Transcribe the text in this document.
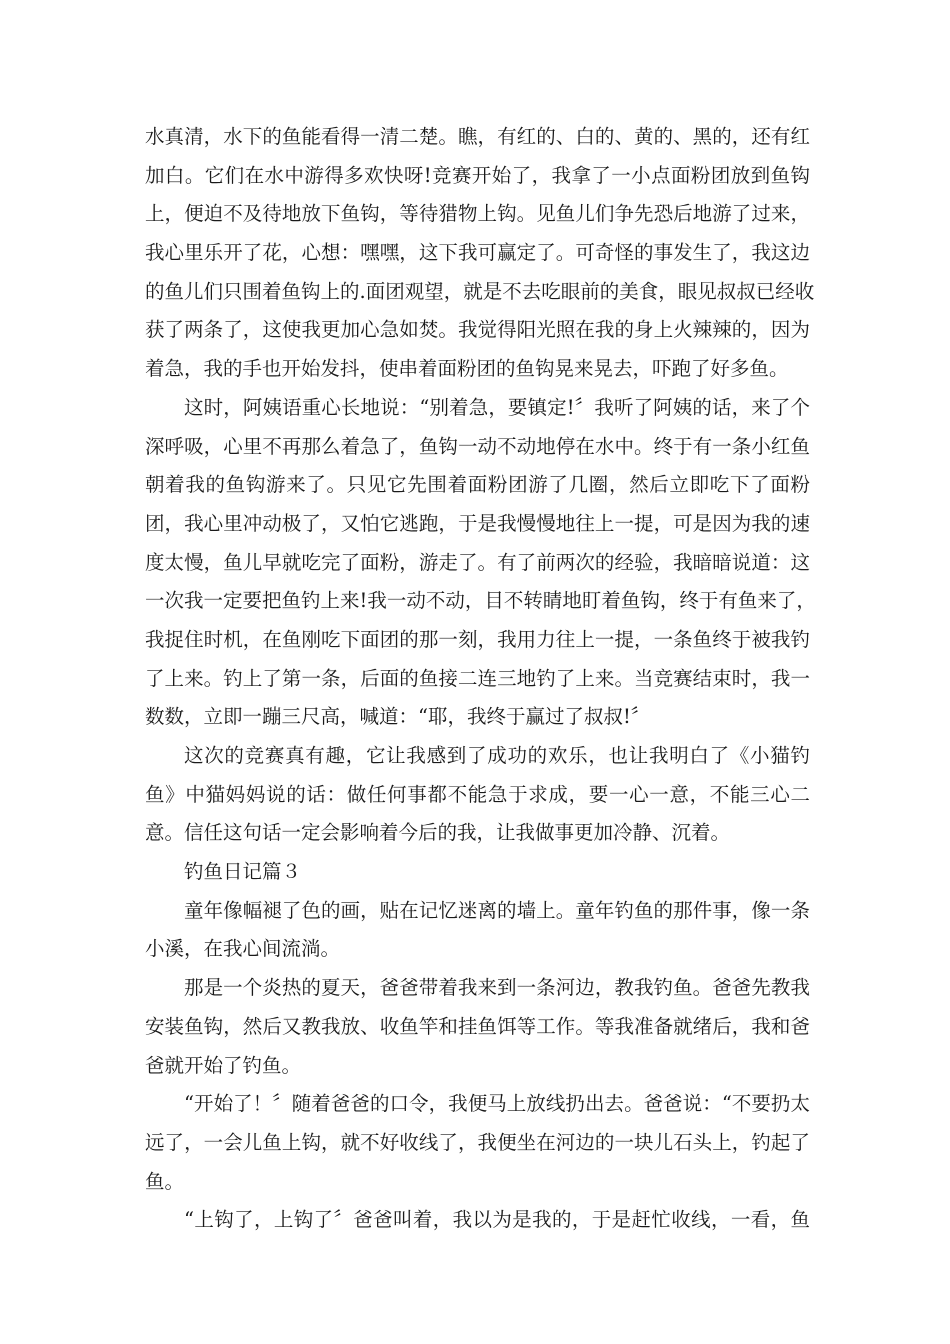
水真清，水下的鱼能看得一清二楚。瞧，有红的、白的、黄的、黑的，还有红
加白。它们在水中游得多欢快呀!竞赛开始了，我拿了一小点面粉团放到鱼钩
上，便迫不及待地放下鱼钩，等待猎物上钩。见鱼儿们争先恐后地游了过来，
我心里乐开了花，心想：嘿嘿，这下我可赢定了。可奇怪的事发生了，我这边
的鱼儿们只围着鱼钩上的.面团观望，就是不去吃眼前的美食，眼见叔叔已经收
获了两条了，这使我更加心急如焚。我觉得阳光照在我的身上火辣辣的，因为
着急，我的手也开始发抖，使串着面粉团的鱼钩晃来晃去，吓跑了好多鱼。
这时，阿姨语重心长地说：“别着急，要镇定!〞我听了阿姨的话，来了个
深呼吸，心里不再那么着急了，鱼钩一动不动地停在水中。终于有一条小红鱼
朝着我的鱼钩游来了。只见它先围着面粉团游了几圈，然后立即吃下了面粉
团，我心里冲动极了，又怕它逃跑，于是我慢慢地往上一提，可是因为我的速
度太慢，鱼儿早就吃完了面粉，游走了。有了前两次的经验，我暗暗说道：这
一次我一定要把鱼钓上来!我一动不动，目不转睛地盯着鱼钩，终于有鱼来了，
我捉住时机，在鱼刚吃下面团的那一刻，我用力往上一提，一条鱼终于被我钓
了上来。钓上了第一条，后面的鱼接二连三地钓了上来。当竞赛结束时，我一
数数，立即一蹦三尺高，喊道：“耶，我终于赢过了叔叔!〞
这次的竞赛真有趣，它让我感到了成功的欢乐，也让我明白了《小猫钓
鱼》中猫妈妈说的话：做任何事都不能急于求成，要一心一意，不能三心二
意。信任这句话一定会影响着今后的我，让我做事更加冷静、沉着。
钓鱼日记篇３
童年像幅褪了色的画，贴在记忆迷离的墙上。童年钓鱼的那件事，像一条
小溪，在我心间流淌。
那是一个炎热的夏天，爸爸带着我来到一条河边，教我钓鱼。爸爸先教我
安装鱼钩，然后又教我放、收鱼竿和挂鱼饵等工作。等我准备就绪后，我和爸
爸就开始了钓鱼。
“开始了！〞随着爸爸的口令，我便马上放线扔出去。爸爸说：“不要扔太
远了，一会儿鱼上钩，就不好收线了，我便坐在河边的一块儿石头上，钓起了
鱼。
“上钩了，上钩了〞爸爸叫着，我以为是我的，于是赶忙收线，一看，鱼
